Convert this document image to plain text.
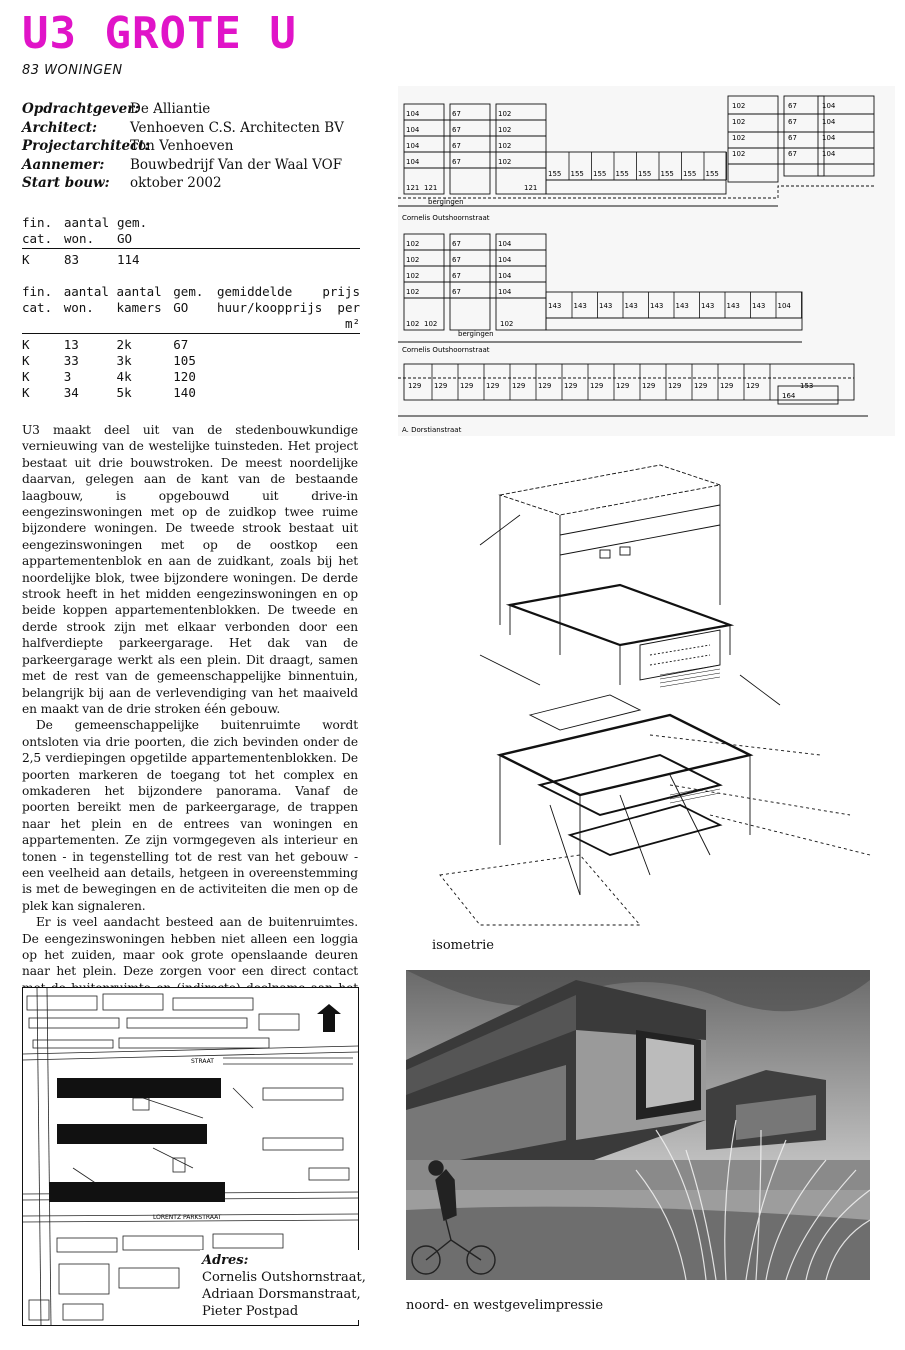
U3 GROTE U
83 WONINGEN
Opdrachtgever:
De Alliantie
Architect:	Venhoeven C.S. Architecten BV
Projectarchitect:
Ton Venhoeven
Aannemer:	Bouwbedrijf Van der Waal VOF
Start bouw:	oktober 2002
fin.	aantal	gem.
cat.	won.	GO
K	83	114
fin.	aantal	aantal	gem.	gemiddelde	prijs
cat.	won.	kamers	GO	huur/koopprijs	per m²
K	13	2k	67		
K	33	3k	105		
K	3	4k	120		
K	34	5k	140		

U3 maakt deel uit van de stedenbouwkundige vernieuwing van de westelijke tuinsteden. Het project bestaat uit drie bouwstroken. De meest noordelijke daarvan, gelegen aan de kant van de bestaande laagbouw, is opgebouwd uit drive-in eengezinswoningen met op de zuidkop twee ruime bijzondere woningen. De tweede strook bestaat uit eengezinswoningen met op de oostkop een appartementenblok en aan de zuidkant, zoals bij het noordelijke blok, twee bijzondere woningen. De derde strook heeft in het midden eengezinswoningen en op beide koppen appartementenblokken. De tweede en derde strook zijn met elkaar verbonden door een halfverdiepte parkeergarage. Het dak van de parkeergarage werkt als een plein. Dit draagt, samen met de rest van de gemeenschappelijke binnentuin, belangrijk bij aan de verlevendiging van het maaiveld en maakt van de drie stroken één gebouw.

De gemeenschappelijke buitenruimte wordt ontsloten via drie poorten, die zich bevinden onder de 2,5 verdiepingen opgetilde appartementenblokken. De poorten markeren de toegang tot het complex en omkaderen het bijzondere panorama. Vanaf de poorten bereikt men de parkeergarage, de trappen naar het plein en de entrees van woningen en appartementen. Ze zijn vormgegeven als interieur en tonen - in tegenstelling tot de rest van het gebouw - een veelheid aan details, hetgeen in overeenstemming is met de bewegingen en de activiteiten die men op de plek kan signaleren.

Er is veel aandacht besteed aan de buitenruimtes. De eengezinswoningen hebben niet alleen een loggia op het zuiden, maar ook grote openslaande deuren naar het plein. Deze zorgen voor een direct contact

STRAAT
LORENTZ PARKSTRAAT
Adres:
Cornelis Outshornstraat,
Adriaan Dorsmanstraat,
Pieter Postpad
bergingen
Cornelis Outshoornstraat
bergingen
Cornelis Outshoornstraat
A. Dorstianstraat
155 155 155 155 155 155 155 155
143 143 143 143 143 143 143 143 143 104
129 129 129 129 129 129 129 129 129 129 129 129 129 129	153
164
104
104
104
104
67
67
67
67
102
102
102
102
102
102
102
102
67
67
67
67
104
104
104
104
102
102
102
102
67
67
67
67
104
104
104
104
121 121	121
102 102	102
isometrie
noord- en westgevelimpressie
